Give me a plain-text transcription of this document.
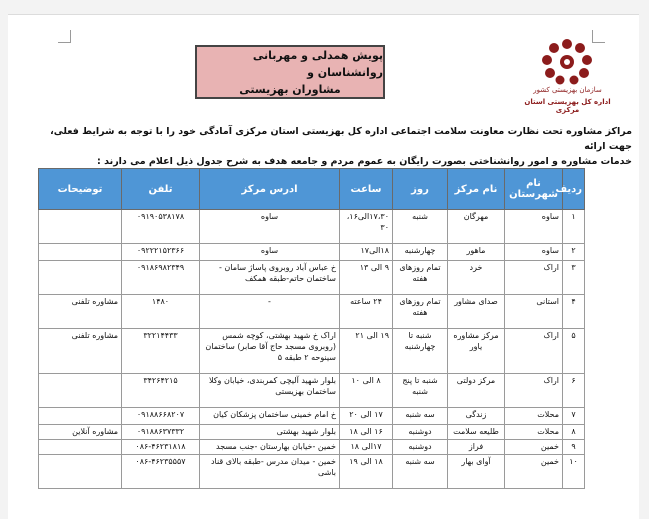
پویش همدلی و مهربانی روانشناسان و
مشاوران بهزیستی	سازمان بهزیستی کشور
اداره کل بهزیستی استان مرکزی
مراکز مشاوره تحت نظارت معاونت سلامت اجتماعی اداره کل بهزیستی استان مرکزی آمادگی خود را با توجه به شرایط فعلی، جهت ارائه
خدمات مشاوره و امور روانشناختی بصورت رایگان به عموم مردم و جامعه هدف به شرح جدول ذیل اعلام می دارند :
ردیف	نام شهرستان	نام مرکز	روز	ساعت	ادرس مرکز	تلفن	توضیحات
۱	ساوه	مهرگان	شنبه	۱۷،۳۰الی۱۶، ۳۰	ساوه	۰۹۱۹۰۵۳۸۱۷۸	
۲	ساوه	ماهور	چهارشنبه	۱۸الی۱۷	ساوه	۰۹۲۲۲۱۵۲۳۶۶	
۳	اراک	خرد	تمام روزهای هفته	۹ الی ۱۳	خ عباس آباد روبروی پاساژ سامان - ساختمان حاتم-طبقه همکف	۰۹۱۸۶۹۸۲۳۴۹	
۴	استانی	صدای مشاور	تمام روزهای هفته	۲۴ ساعته	-	۱۴۸۰	مشاوره تلفنی
۵	اراک	مرکز مشاوره یاور	شنبه تا چهارشنبه	۱۹ الی ۲۱	اراک خ شهید بهشتی، کوچه شمس (روبروی مسجد حاج آقا صابر) ساختمان سینوحه ۲ طبقه ۵	۳۲۲۱۴۴۳۳	مشاوره تلفنی
۶	اراک	مرکز دولتی	شنبه تا پنج شنبه	۸ الی ۱۰	بلوار شهید آلیچی کمربندی، خیابان وکلا ساختمان بهزیستی	۳۴۲۶۴۲۱۵	
۷	محلات	زندگی	سه شنبه	۱۷ الی ۲۰	خ امام خمینی ساختمان پزشکان کیان	۰۹۱۸۸۶۶۸۲۰۷	
۸	محلات	طلیعه سلامت	دوشنبه	۱۶ الی ۱۸	بلوار شهید بهشتی	۰۹۱۸۸۶۳۷۳۳۲	مشاوره آنلاین
۹	خمین	فراز	دوشنبه	۱۷الی ۱۸	خمین -خیابان بهارستان -جنب مسجد	۰۸۶-۴۶۲۳۱۸۱۸	
۱۰	خمین	آوای بهار	سه شنبه	۱۸ الی ۱۹	خمین - میدان مدرس -طبقه بالای قناد باشی	۰۸۶-۴۶۲۳۵۵۵۷	
